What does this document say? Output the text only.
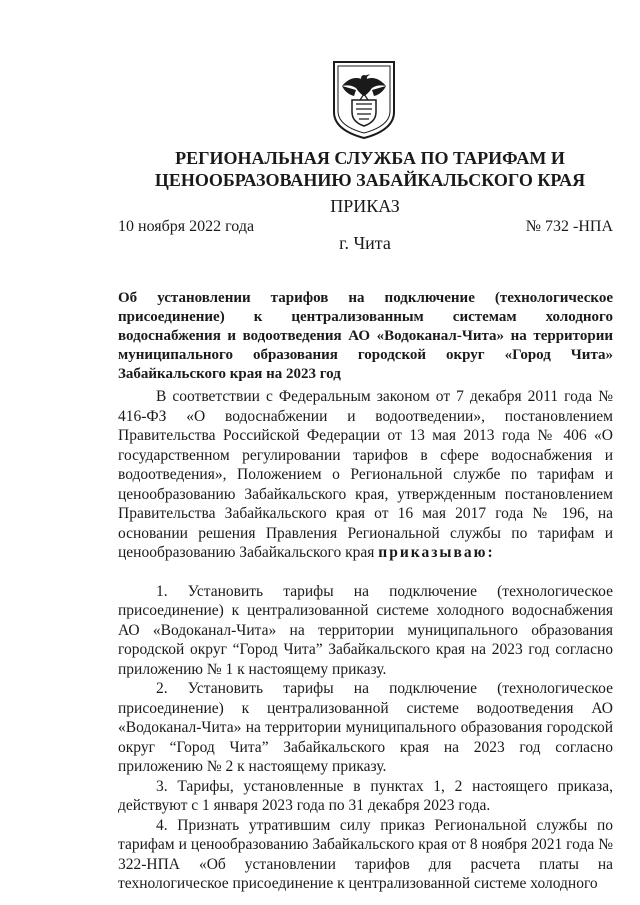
РЕГИОНАЛЬНАЯ СЛУЖБА ПО ТАРИФАМ И
ЦЕНООБРАЗОВАНИЮ ЗАБАЙКАЛЬСКОГО КРАЯ
ПРИКАЗ
10 ноября 2022 года	№ 732 -НПА
г. Чита
Об установлении тарифов на подключение (технологическое присоединение) к централизованным системам холодного водоснабжения и водоотведения АО «Водоканал-Чита» на территории муниципального образования городской округ «Город Чита» Забайкальского края на 2023 год

В соответствии с Федеральным законом от 7 декабря 2011 года № 416-ФЗ «О водоснабжении и водоотведении», постановлением Правительства Российской Федерации от 13 мая 2013 года № 406 «О государственном регулировании тарифов в сфере водоснабжения и водоотведения», Положением о Региональной службе по тарифам и ценообразованию Забайкальского края, утвержденным постановлением Правительства Забайкальского края от 16 мая 2017 года № 196, на основании решения Правления Региональной службы по тарифам и ценообразованию Забайкальского края приказываю:

1. Установить тарифы на подключение (технологическое присоединение) к централизованной системе холодного водоснабжения АО «Водоканал-Чита» на территории муниципального образования городской округ “Город Чита” Забайкальского края на 2023 год согласно приложению № 1 к настоящему приказу.

2. Установить тарифы на подключение (технологическое присоединение) к централизованной системе водоотведения АО «Водоканал-Чита» на территории муниципального образования городской округ “Город Чита” Забайкальского края на 2023 год согласно приложению № 2 к настоящему приказу.

3. Тарифы, установленные в пунктах 1, 2 настоящего приказа, действуют с 1 января 2023 года по 31 декабря 2023 года.

4. Признать утратившим силу приказ Региональной службы по тарифам и ценообразованию Забайкальского края от 8 ноября 2021 года № 322-НПА «Об установлении тарифов для расчета платы на технологическое присоединение к централизованной системе холодного
